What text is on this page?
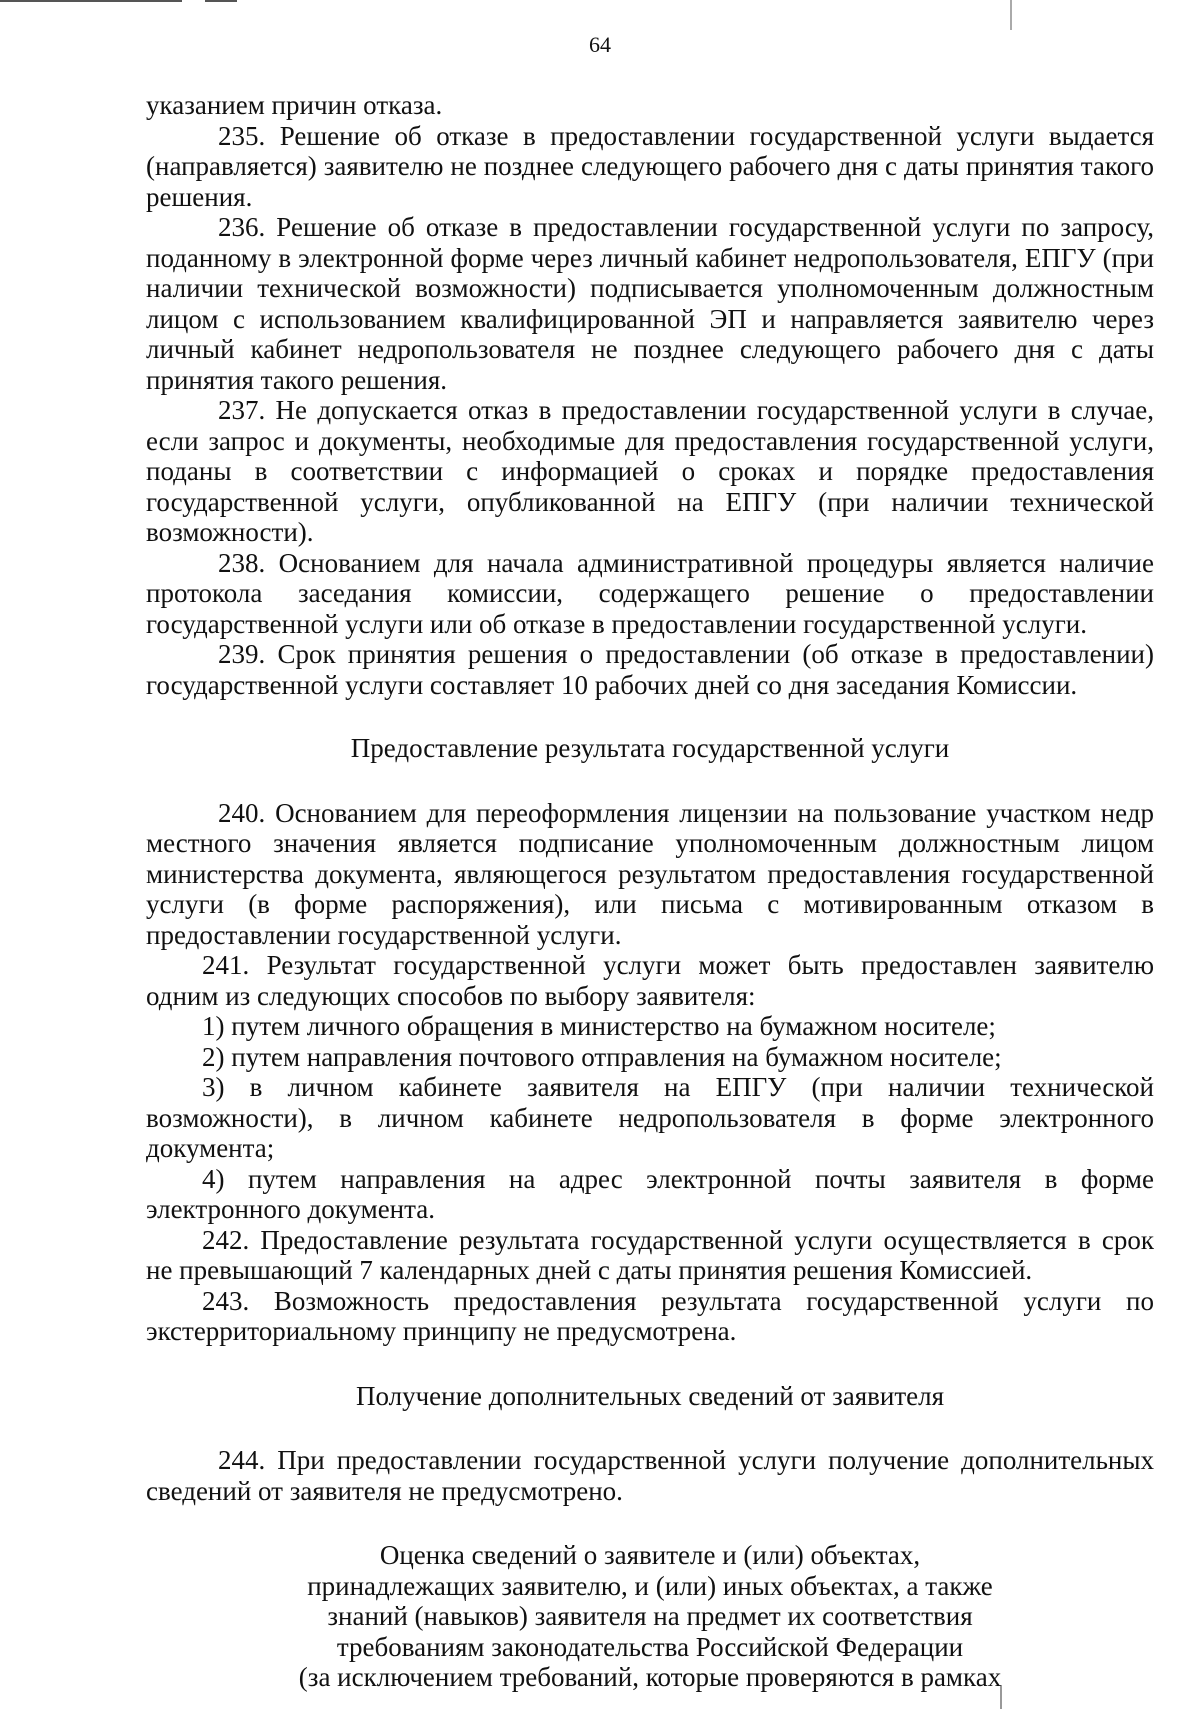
64

указанием причин отказа.

235. Решение об отказе в предоставлении государственной услуги выдается (направляется) заявителю не позднее следующего рабочего дня с даты принятия такого решения.

236. Решение об отказе в предоставлении государственной услуги по запросу, поданному в электронной форме через личный кабинет недропользователя, ЕПГУ (при наличии технической возможности) подписывается уполномоченным должностным лицом с использованием квалифицированной ЭП и направляется заявителю через личный кабинет недропользователя не позднее следующего рабочего дня с даты принятия такого решения.

237. Не допускается отказ в предоставлении государственной услуги в случае, если запрос и документы, необходимые для предоставления государственной услуги, поданы в соответствии с информацией о сроках и порядке предоставления государственной услуги, опубликованной на ЕПГУ (при наличии технической возможности).

238. Основанием для начала административной процедуры является наличие протокола заседания комиссии, содержащего решение о предоставлении государственной услуги или об отказе в предоставлении государственной услуги.

239. Срок принятия решения о предоставлении (об отказе в предоставлении) государственной услуги составляет 10 рабочих дней со дня заседания Комиссии.

Предоставление результата государственной услуги

240. Основанием для переоформления лицензии на пользование участком недр местного значения является подписание уполномоченным должностным лицом министерства документа, являющегося результатом предоставления государственной услуги (в форме распоряжения), или письма с мотивированным отказом в предоставлении государственной услуги.

241. Результат государственной услуги может быть предоставлен заявителю одним из следующих способов по выбору заявителя:

1) путем личного обращения в министерство на бумажном носителе;

2) путем направления почтового отправления на бумажном носителе;

3) в личном кабинете заявителя на ЕПГУ (при наличии технической возможности), в личном кабинете недропользователя в форме электронного документа;

4) путем направления на адрес электронной почты заявителя в форме электронного документа.

242. Предоставление результата государственной услуги осуществляется в срок не превышающий 7 календарных дней с даты принятия решения Комиссией.

243. Возможность предоставления результата государственной услуги по экстерриториальному принципу не предусмотрена.

Получение дополнительных сведений от заявителя

244. При предоставлении государственной услуги получение дополнительных сведений от заявителя не предусмотрено.

Оценка сведений о заявителе и (или) объектах,
принадлежащих заявителю, и (или) иных объектах, а также
знаний (навыков) заявителя на предмет их соответствия
требованиям законодательства Российской Федерации
(за исключением требований, которые проверяются в рамках
